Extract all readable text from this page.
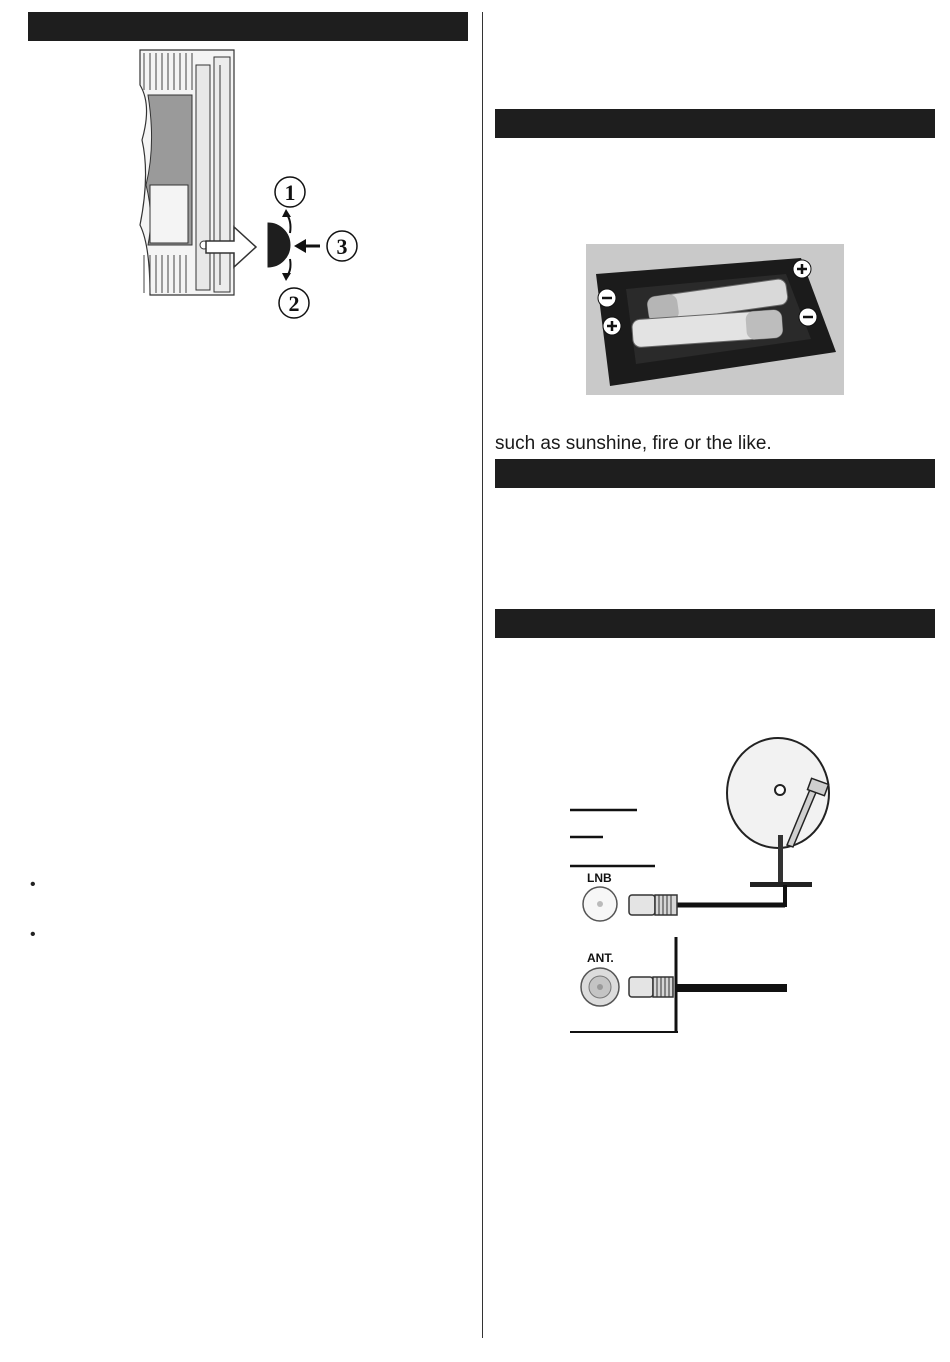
1
2
3
•
•
such as sunshine, fire or the like.
LNB
ANT.
